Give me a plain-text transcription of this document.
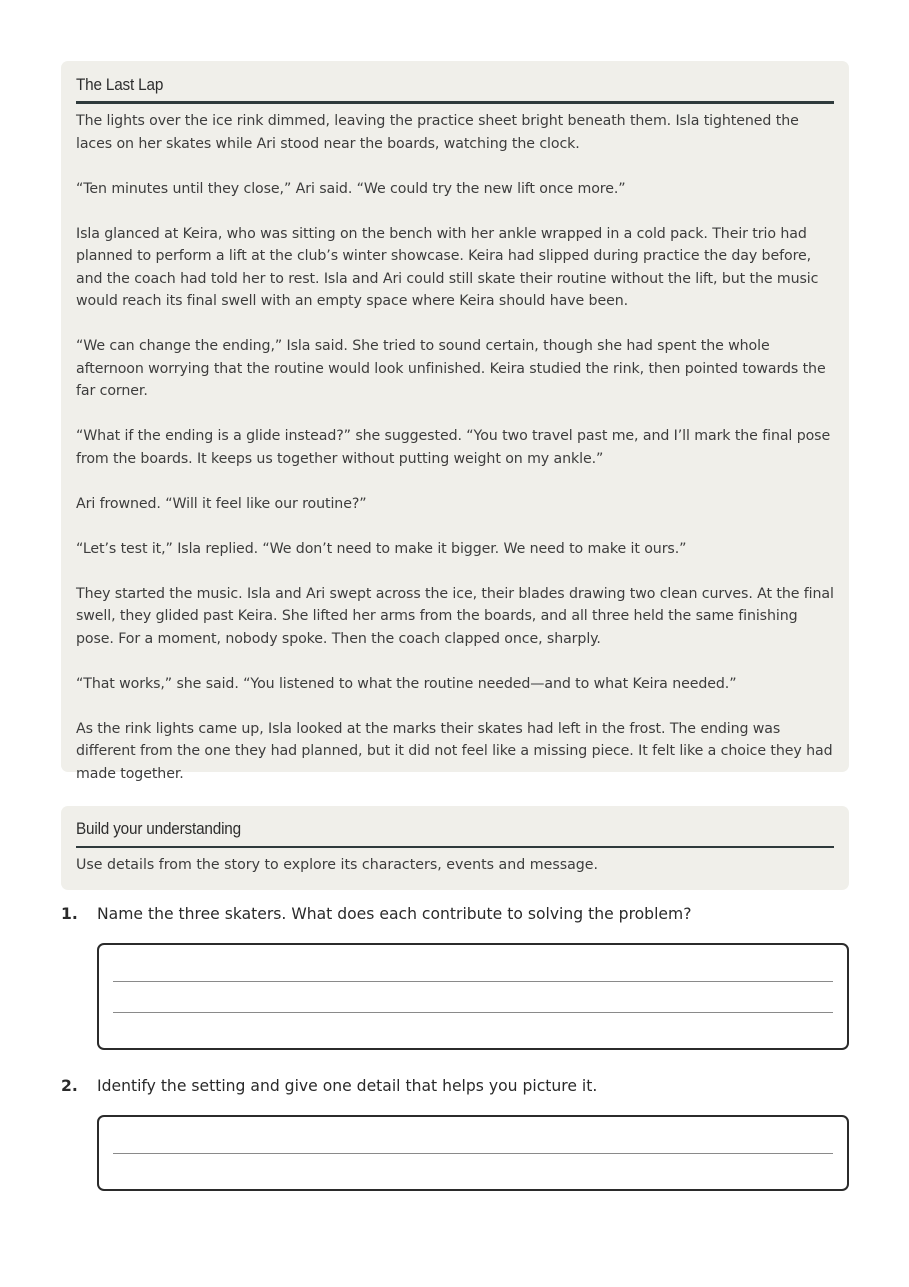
The Last Lap

The lights over the ice rink dimmed, leaving the practice sheet bright beneath them. Isla tightened the laces on her skates while Ari stood near the boards, watching the clock.

“Ten minutes until they close,” Ari said. “We could try the new lift once more.”

Isla glanced at Keira, who was sitting on the bench with her ankle wrapped in a cold pack. Their trio had planned to perform a lift at the club’s winter showcase. Keira had slipped during practice the day before, and the coach had told her to rest. Isla and Ari could still skate their routine without the lift, but the music would reach its final swell with an empty space where Keira should have been.

“We can change the ending,” Isla said. She tried to sound certain, though she had spent the whole afternoon worrying that the routine would look unfinished. Keira studied the rink, then pointed towards the far corner.

“What if the ending is a glide instead?” she suggested. “You two travel past me, and I’ll mark the final pose from the boards. It keeps us together without putting weight on my ankle.”

Ari frowned. “Will it feel like our routine?”

“Let’s test it,” Isla replied. “We don’t need to make it bigger. We need to make it ours.”

They started the music. Isla and Ari swept across the ice, their blades drawing two clean curves. At the final swell, they glided past Keira. She lifted her arms from the boards, and all three held the same finishing pose. For a moment, nobody spoke. Then the coach clapped once, sharply.

“That works,” she said. “You listened to what the routine needed—and to what Keira needed.”

As the rink lights came up, Isla looked at the marks their skates had left in the frost. The ending was different from the one they had planned, but it did not feel like a missing piece. It felt like a choice they had made together.

Build your understanding
Use details from the story to explore its characters, events and message.
1.	Name the three skaters. What does each contribute to solving the problem?
2.	Identify the setting and give one detail that helps you picture it.
